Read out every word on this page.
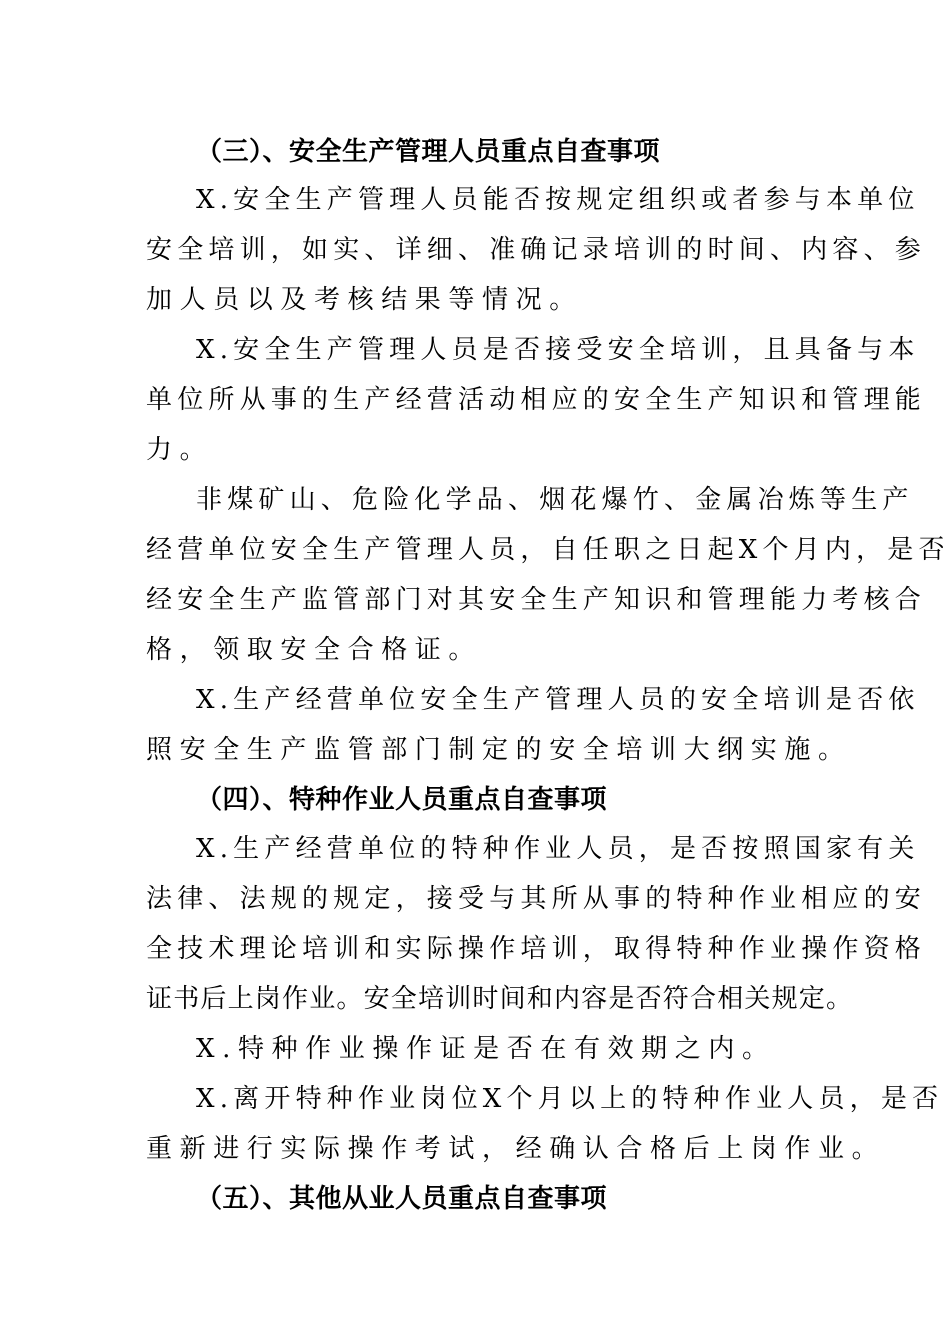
（三）、安全生产管理人员重点自查事项
X.安全生产管理人员能否按规定组织或者参与本单位
安全培训，如实、详细、准确记录培训的时间、内容、参
加人员以及考核结果等情况。
X.安全生产管理人员是否接受安全培训，且具备与本
单位所从事的生产经营活动相应的安全生产知识和管理能
力。
非煤矿山、危险化学品、烟花爆竹、金属冶炼等生产
经营单位安全生产管理人员，自任职之日起X个月内，是否
经安全生产监管部门对其安全生产知识和管理能力考核合
格，领取安全合格证。
X.生产经营单位安全生产管理人员的安全培训是否依
照安全生产监管部门制定的安全培训大纲实施。
（四）、特种作业人员重点自查事项
X.生产经营单位的特种作业人员，是否按照国家有关
法律、法规的规定，接受与其所从事的特种作业相应的安
全技术理论培训和实际操作培训，取得特种作业操作资格
证书后上岗作业。安全培训时间和内容是否符合相关规定。
X.特种作业操作证是否在有效期之内。
X.离开特种作业岗位X个月以上的特种作业人员，是否
重新进行实际操作考试，经确认合格后上岗作业。
（五）、其他从业人员重点自查事项
